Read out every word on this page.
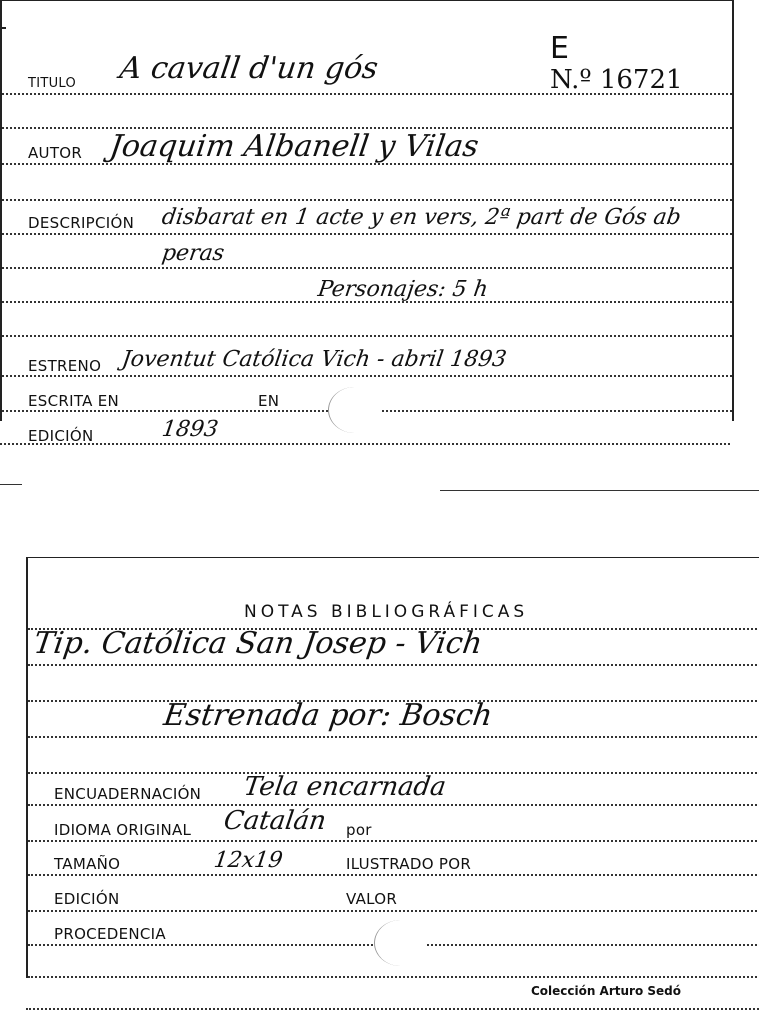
E
TITULO A cavall d'un gós	N.º 16721
AUTOR Joaquim Albanell y Vilas
DESCRIPCIÓN disbarat en 1 acte y en vers, 2ª part de Gós ab
peras
Personajes: 5 h
ESTRENO Joventut Católica Vich - abril 1893
ESCRITA EN	EN
EDICIÓN	1893
NOTAS BIBLIOGRÁFICAS
Tip. Católica San Josep - Vich
Estrenada por: Bosch
ENCUADERNACIÓN Tela encarnada
IDIOMA ORIGINAL Catalán por
TAMAÑO	12x19	ILUSTRADO POR
EDICIÓN	VALOR
PROCEDENCIA
Colección Arturo Sedó
